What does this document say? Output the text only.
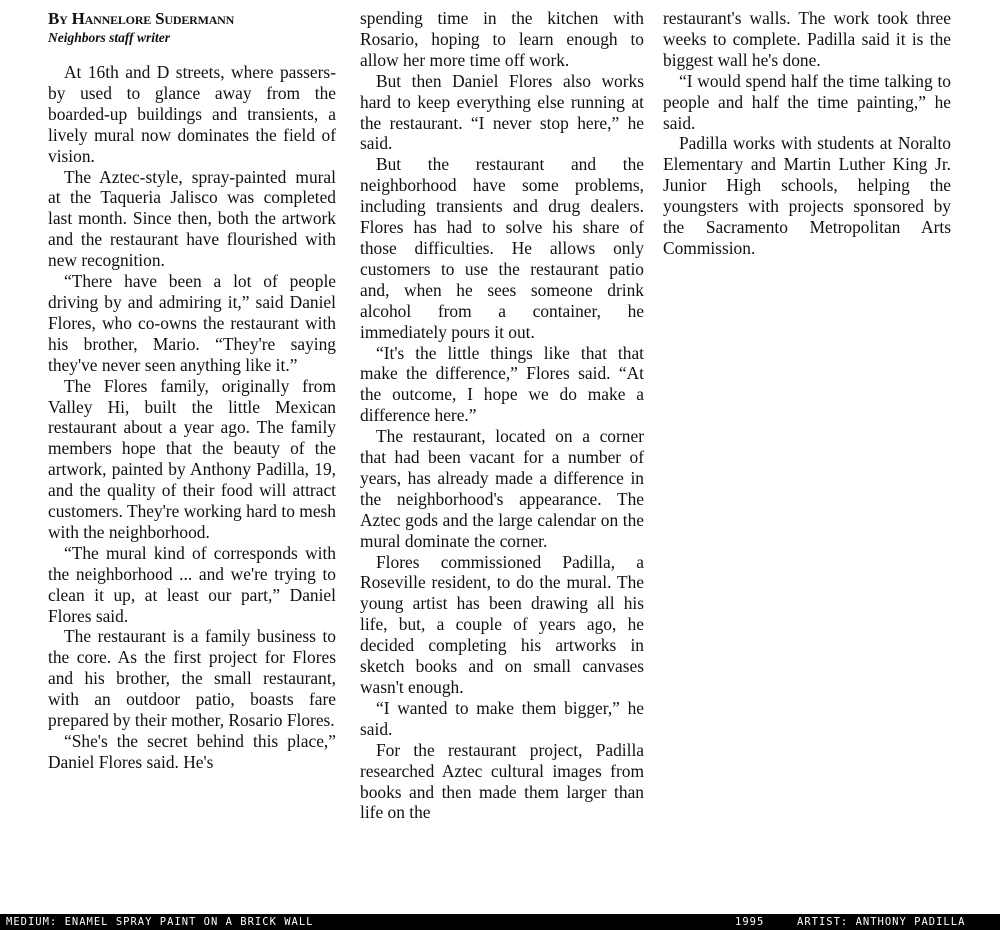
By Hannelore Sudermann
Neighbors staff writer

At 16th and D streets, where passers-by used to glance away from the boarded-up buildings and transients, a lively mural now dominates the field of vision.

The Aztec-style, spray-painted mural at the Taqueria Jalisco was completed last month. Since then, both the artwork and the restaurant have flourished with new recognition.

“There have been a lot of people driving by and admiring it,” said Daniel Flores, who co-owns the restaurant with his brother, Mario. “They're saying they've never seen anything like it.”

The Flores family, originally from Valley Hi, built the little Mexican restaurant about a year ago. The family members hope that the beauty of the artwork, painted by Anthony Padilla, 19, and the quality of their food will attract customers. They're working hard to mesh with the neighborhood.

“The mural kind of corresponds with the neighborhood ... and we're trying to clean it up, at least our part,” Daniel Flores said.

The restaurant is a family business to the core. As the first project for Flores and his brother, the small restaurant, with an outdoor patio, boasts fare prepared by their mother, Rosario Flores.

“She's the secret behind this place,” Daniel Flores said. He's

spending time in the kitchen with Rosario, hoping to learn enough to allow her more time off work.

But then Daniel Flores also works hard to keep everything else running at the restaurant. “I never stop here,” he said.

But the restaurant and the neighborhood have some problems, including transients and drug dealers. Flores has had to solve his share of those difficulties. He allows only customers to use the restaurant patio and, when he sees someone drink alcohol from a container, he immediately pours it out.

“It's the little things like that that make the difference,” Flores said. “At the outcome, I hope we do make a difference here.”

The restaurant, located on a corner that had been vacant for a number of years, has already made a difference in the neighborhood's appearance. The Aztec gods and the large calendar on the mural dominate the corner.

Flores commissioned Padilla, a Roseville resident, to do the mural. The young artist has been drawing all his life, but, a couple of years ago, he decided completing his artworks in sketch books and on small canvases wasn't enough.

“I wanted to make them bigger,” he said.

For the restaurant project, Padilla researched Aztec cultural images from books and then made them larger than life on the

restaurant's walls. The work took three weeks to complete. Padilla said it is the biggest wall he's done.

“I would spend half the time talking to people and half the time painting,” he said.

Padilla works with students at Noralto Elementary and Martin Luther King Jr. Junior High schools, helping the youngsters with projects sponsored by the Sacramento Metropolitan Arts Commission.

MEDIUM: ENAMEL SPRAY PAINT ON A BRICK WALL	1995	ARTIST: ANTHONY PADILLA
